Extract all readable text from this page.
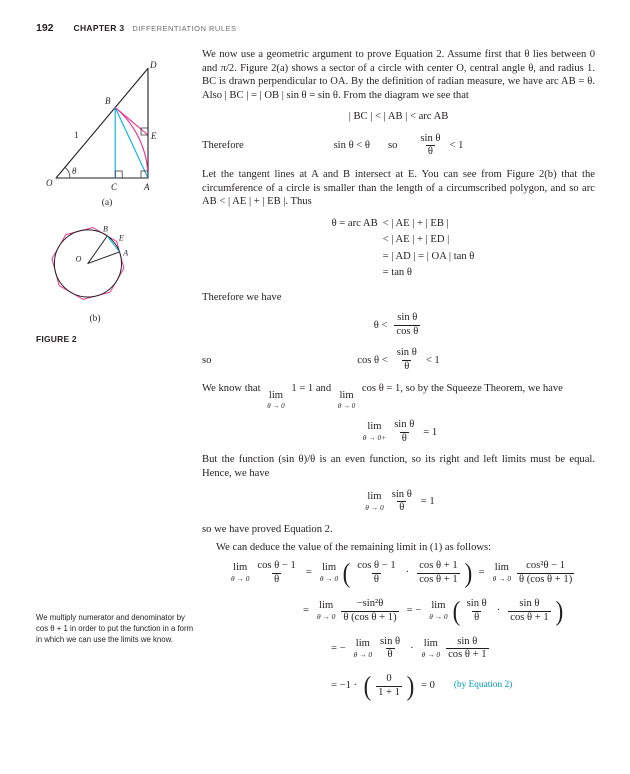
192 CHAPTER 3 DIFFERENTIATION RULES
D
B
E
O	C	A
1
θ
(a)
B
E
A
O
(b)
FIGURE 2
We multiply numerator and denominator by cos θ + 1 in order to put the function in a form in which we can use the limits we know.

We now use a geometric argument to prove Equation 2. Assume first that θ lies between 0 and π/2. Figure 2(a) shows a sector of a circle with center O, central angle θ, and radius 1. BC is drawn perpendicular to OA. By the definition of radian measure, we have arc AB = θ. Also | BC | = | OB | sin θ = sin θ. From the diagram we see that

| BC | < | AB | < arc AB
Therefore	sin θ < θ so $\frac{\text{sin θ}}{\theta} < 1$

Let the tangent lines at A and B intersect at E. You can see from Figure 2(b) that the circumference of a circle is smaller than the length of a circumscribed polygon, and so arc AB < | AE | + | EB |. Thus

θ = arc AB < | AE | + | EB |
< | AE | + | ED |
= | AD | = | OA | tan θ
= tan θ

Therefore we have

$\theta < \frac{\text{sin θ}}{\text{cos θ}}$
so	$\cos \theta < \frac{\text{sin θ}}{\theta} < 1$

We know that
lim
θ → 0
1 = 1 and
lim
θ → 0
cos θ = 1, so by the Squeeze Theorem, we have

lim
$\theta \to 0+ \frac{\text{sin θ}}{\theta} = 1$

But the function (sin θ)/θ is an even function, so its right and left limits must be equal. Hence, we have

lim
$\theta \to 0 \frac{\text{sin θ}}{\theta} = 1$

so we have proved Equation 2.

We can deduce the value of the remaining limit in (1) as follows:

lim
$\theta \to 0 \frac{\text{cos θ − 1}}{\theta} = \lim$
θ → 0 ( $\frac{\text{cos θ − 1}}{\theta} \cdot \frac{\text{cos θ + 1}}{\text{cos θ + 1}}$ ) = lim
$\theta \to 0 \frac{\text{cos²θ − 1}}{\text{θ (cos θ + 1)}}$
= lim
$\theta \to 0 \frac{\text{−sin²θ}}{\text{θ (cos θ + 1)}}$ = − lim
θ → 0 ( $\frac{\text{sin θ}}{\theta} \cdot \frac{\text{sin θ}}{\text{cos θ + 1}}$ )
= − lim
$\theta \to 0 \frac{\text{sin θ}}{\theta} \cdot \lim$
$\theta \to 0 \frac{\text{sin θ}}{\text{cos θ + 1}}$
= −1 · ( $\frac{0}{1 + 1}$ ) = 0 (by Equation 2)
